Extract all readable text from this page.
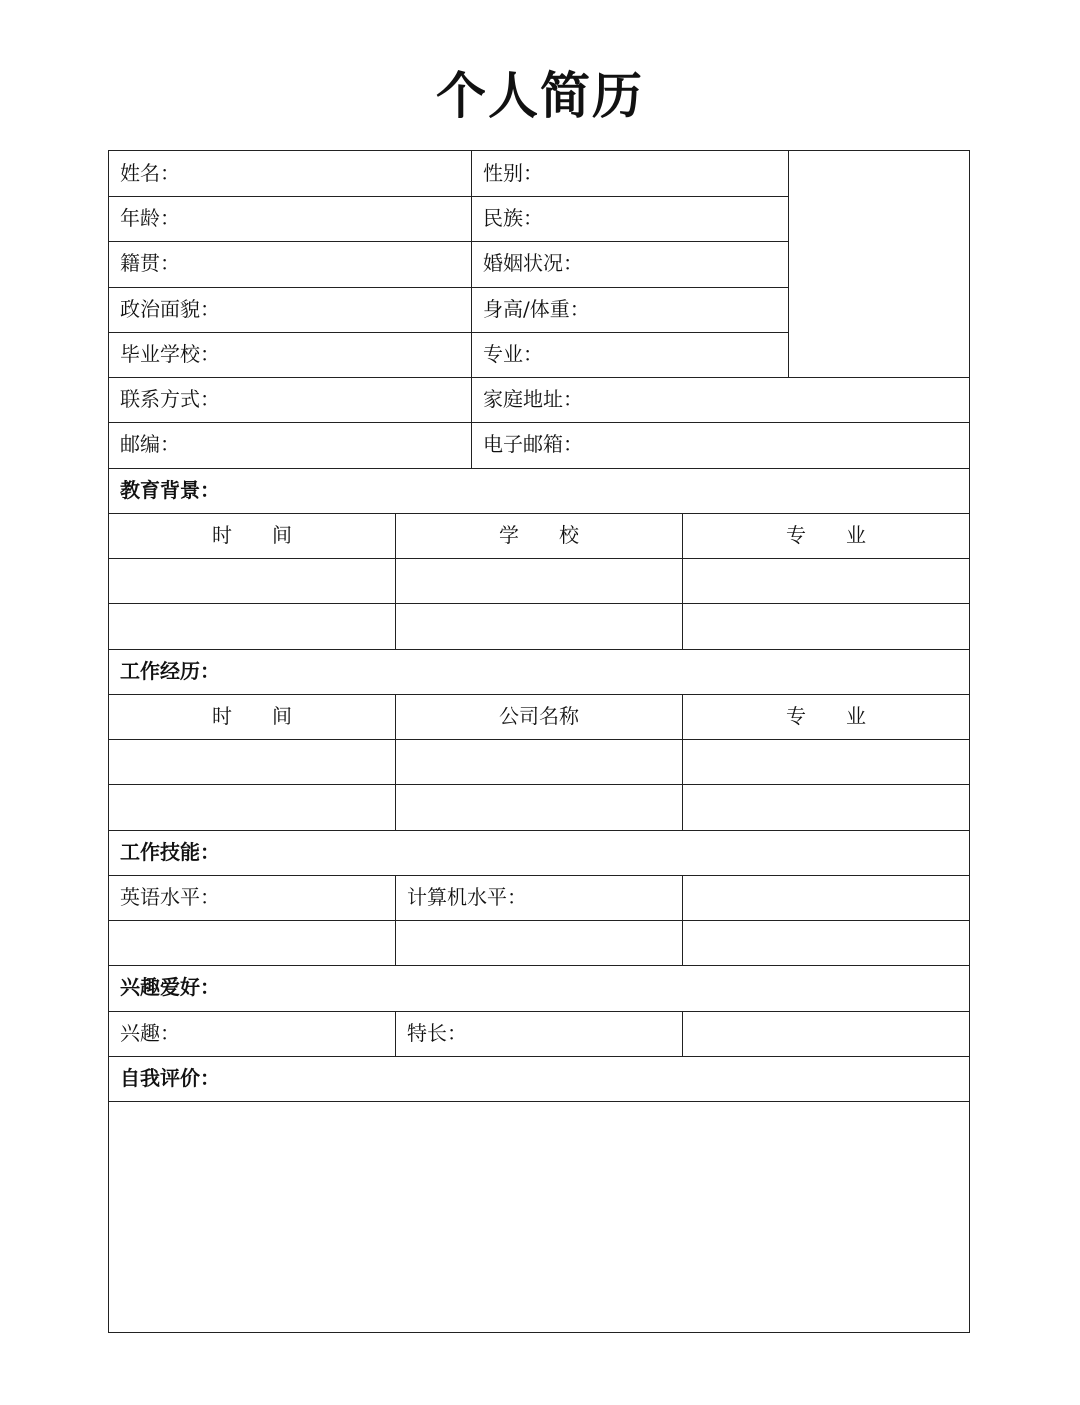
个人简历
姓名：	性别：
年龄：	民族：
籍贯：	婚姻状况：
政治面貌：	身高/体重：
毕业学校：	专业：
联系方式：	家庭地址：
邮编：	电子邮箱：
教育背景：
时　　间	学　　校	专　　业
工作经历：
时　　间	公司名称	专　　业
工作技能：
英语水平：	计算机水平：
兴趣爱好：
兴趣：	特长：
自我评价：
